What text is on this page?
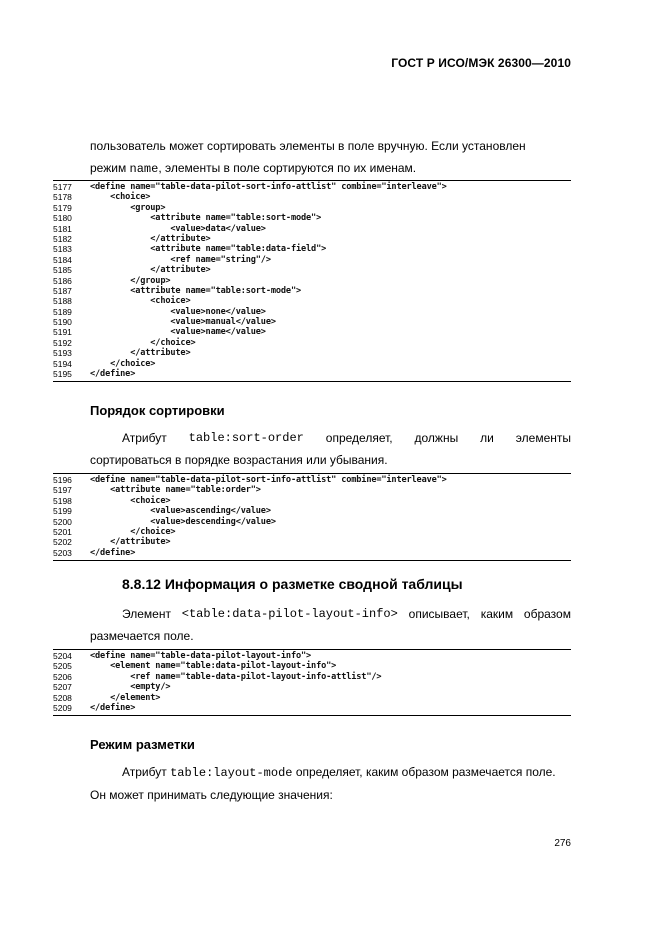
ГОСТ Р ИСО/МЭК 26300—2010
пользователь может сортировать элементы в поле вручную. Если установлен
режим name, элементы в поле сортируются по их именам.
5177	<define name="table-data-pilot-sort-info-attlist" combine="interleave">
5178	<choice>
5179	<group>
5180	<attribute name="table:sort-mode">
5181	<value>data</value>
5182	</attribute>
5183	<attribute name="table:data-field">
5184	<ref name="string"/>
5185	</attribute>
5186	</group>
5187	<attribute name="table:sort-mode">
5188	<choice>
5189	<value>none</value>
5190	<value>manual</value>
5191	<value>name</value>
5192	</choice>
5193	</attribute>
5194	</choice>
5195	</define>
Порядок сортировки
Атрибут table:sort-order определяет, должны ли элементы
сортироваться в порядке возрастания или убывания.
5196	<define name="table-data-pilot-sort-info-attlist" combine="interleave">
5197	<attribute name="table:order">
5198	<choice>
5199	<value>ascending</value>
5200	<value>descending</value>
5201	</choice>
5202	</attribute>
5203	</define>
8.8.12 Информация о разметке сводной таблицы
Элемент <table:data-pilot-layout-info> описывает, каким образом
размечается поле.
5204	<define name="table-data-pilot-layout-info">
5205	<element name="table:data-pilot-layout-info">
5206	<ref name="table-data-pilot-layout-info-attlist"/>
5207	<empty/>
5208	</element>
5209	</define>
Режим разметки
Атрибут table:layout-mode определяет, каким образом размечается поле.
Он может принимать следующие значения:
276
